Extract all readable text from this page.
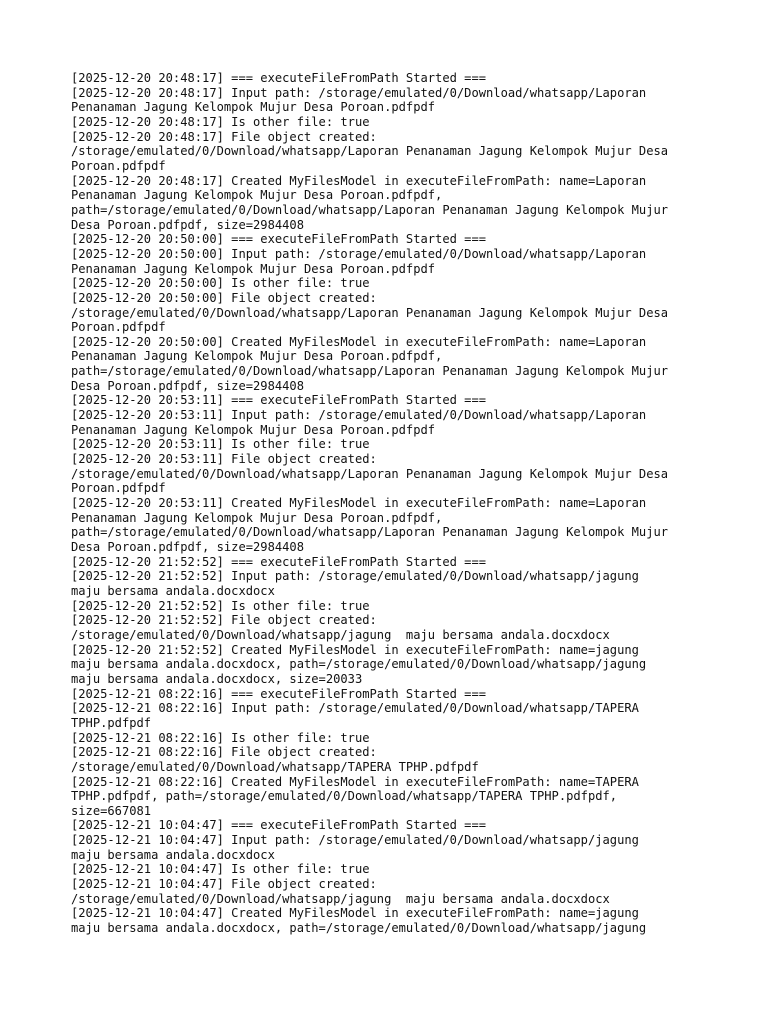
[2025-12-20 20:48:17] === executeFileFromPath Started ===
[2025-12-20 20:48:17] Input path: /storage/emulated/0/Download/whatsapp/Laporan
Penanaman Jagung Kelompok Mujur Desa Poroan.pdfpdf
[2025-12-20 20:48:17] Is other file: true
[2025-12-20 20:48:17] File object created:
/storage/emulated/0/Download/whatsapp/Laporan Penanaman Jagung Kelompok Mujur Desa
Poroan.pdfpdf
[2025-12-20 20:48:17] Created MyFilesModel in executeFileFromPath: name=Laporan
Penanaman Jagung Kelompok Mujur Desa Poroan.pdfpdf,
path=/storage/emulated/0/Download/whatsapp/Laporan Penanaman Jagung Kelompok Mujur
Desa Poroan.pdfpdf, size=2984408
[2025-12-20 20:50:00] === executeFileFromPath Started ===
[2025-12-20 20:50:00] Input path: /storage/emulated/0/Download/whatsapp/Laporan
Penanaman Jagung Kelompok Mujur Desa Poroan.pdfpdf
[2025-12-20 20:50:00] Is other file: true
[2025-12-20 20:50:00] File object created:
/storage/emulated/0/Download/whatsapp/Laporan Penanaman Jagung Kelompok Mujur Desa
Poroan.pdfpdf
[2025-12-20 20:50:00] Created MyFilesModel in executeFileFromPath: name=Laporan
Penanaman Jagung Kelompok Mujur Desa Poroan.pdfpdf,
path=/storage/emulated/0/Download/whatsapp/Laporan Penanaman Jagung Kelompok Mujur
Desa Poroan.pdfpdf, size=2984408
[2025-12-20 20:53:11] === executeFileFromPath Started ===
[2025-12-20 20:53:11] Input path: /storage/emulated/0/Download/whatsapp/Laporan
Penanaman Jagung Kelompok Mujur Desa Poroan.pdfpdf
[2025-12-20 20:53:11] Is other file: true
[2025-12-20 20:53:11] File object created:
/storage/emulated/0/Download/whatsapp/Laporan Penanaman Jagung Kelompok Mujur Desa
Poroan.pdfpdf
[2025-12-20 20:53:11] Created MyFilesModel in executeFileFromPath: name=Laporan
Penanaman Jagung Kelompok Mujur Desa Poroan.pdfpdf,
path=/storage/emulated/0/Download/whatsapp/Laporan Penanaman Jagung Kelompok Mujur
Desa Poroan.pdfpdf, size=2984408
[2025-12-20 21:52:52] === executeFileFromPath Started ===
[2025-12-20 21:52:52] Input path: /storage/emulated/0/Download/whatsapp/jagung
maju bersama andala.docxdocx
[2025-12-20 21:52:52] Is other file: true
[2025-12-20 21:52:52] File object created:
/storage/emulated/0/Download/whatsapp/jagung  maju bersama andala.docxdocx
[2025-12-20 21:52:52] Created MyFilesModel in executeFileFromPath: name=jagung
maju bersama andala.docxdocx, path=/storage/emulated/0/Download/whatsapp/jagung
maju bersama andala.docxdocx, size=20033
[2025-12-21 08:22:16] === executeFileFromPath Started ===
[2025-12-21 08:22:16] Input path: /storage/emulated/0/Download/whatsapp/TAPERA
TPHP.pdfpdf
[2025-12-21 08:22:16] Is other file: true
[2025-12-21 08:22:16] File object created:
/storage/emulated/0/Download/whatsapp/TAPERA TPHP.pdfpdf
[2025-12-21 08:22:16] Created MyFilesModel in executeFileFromPath: name=TAPERA
TPHP.pdfpdf, path=/storage/emulated/0/Download/whatsapp/TAPERA TPHP.pdfpdf,
size=667081
[2025-12-21 10:04:47] === executeFileFromPath Started ===
[2025-12-21 10:04:47] Input path: /storage/emulated/0/Download/whatsapp/jagung
maju bersama andala.docxdocx
[2025-12-21 10:04:47] Is other file: true
[2025-12-21 10:04:47] File object created:
/storage/emulated/0/Download/whatsapp/jagung  maju bersama andala.docxdocx
[2025-12-21 10:04:47] Created MyFilesModel in executeFileFromPath: name=jagung
maju bersama andala.docxdocx, path=/storage/emulated/0/Download/whatsapp/jagung
